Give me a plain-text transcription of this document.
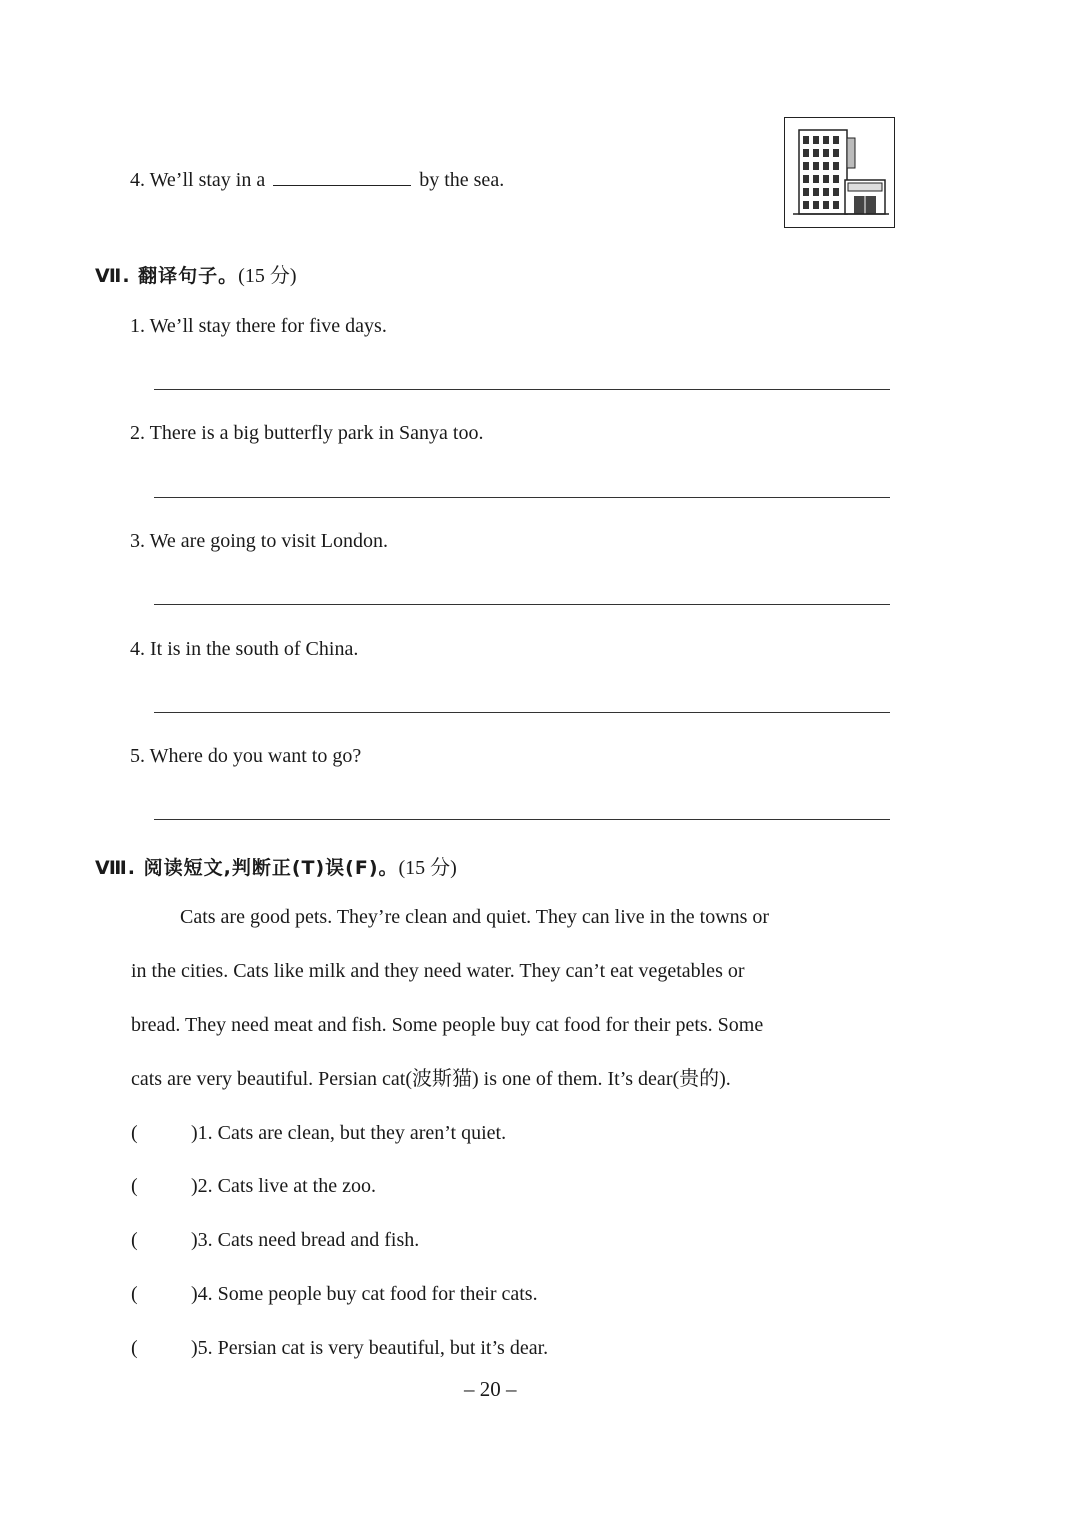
4. We’ll stay in a	by the sea.
Ⅶ. 翻译句子。(15 分)
1. We’ll stay there for five days.
2. There is a big butterfly park in Sanya too.
3. We are going to visit London.
4. It is in the south of China.
5. Where do you want to go?
Ⅷ. 阅读短文,判断正(T)误(F)。(15 分)
Cats are good pets. They’re clean and quiet. They can live in the towns or
in the cities. Cats like milk and they need water. They can’t eat vegetables or
bread. They need meat and fish. Some people buy cat food for their pets. Some
cats are very beautiful. Persian cat(波斯猫) is one of them. It’s dear(贵的).
(	)1. Cats are clean, but they aren’t quiet.
(	)2. Cats live at the zoo.
(	)3. Cats need bread and fish.
(	)4. Some people buy cat food for their cats.
(	)5. Persian cat is very beautiful, but it’s dear.
– 20 –
